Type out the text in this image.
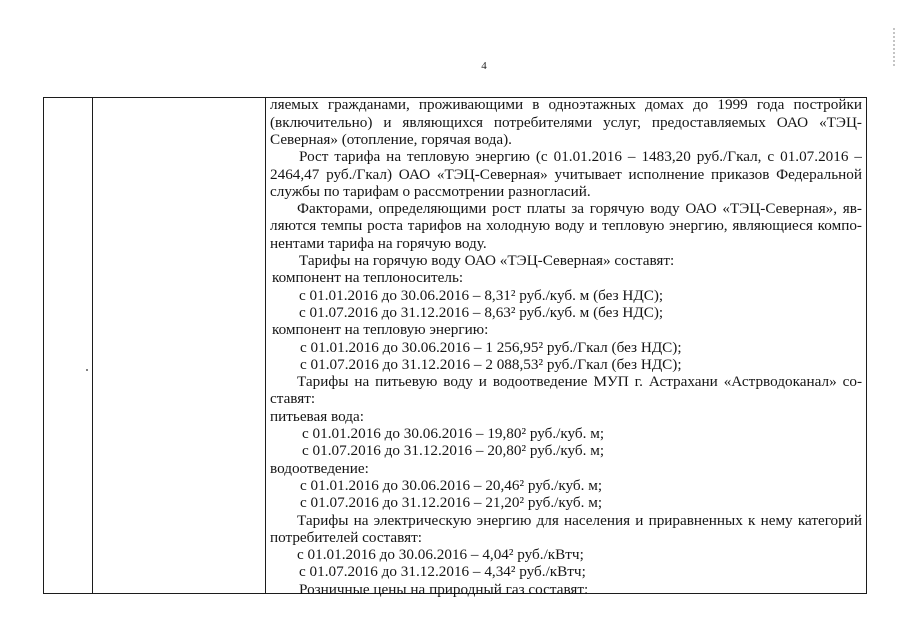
4
ляемых гражданами, проживающими в одноэтажных домах до 1999 года постройки
(включительно) и являющихся потребителями услуг, предоставляемых ОАО «ТЭЦ-
Северная» (отопление, горячая вода).
Рост тарифа на тепловую энергию (с 01.01.2016 – 1483,20 руб./Гкал, с 01.07.2016 –
2464,47 руб./Гкал) ОАО «ТЭЦ-Северная» учитывает исполнение приказов Федеральной
службы по тарифам о рассмотрении разногласий.
Факторами, определяющими рост платы за горячую воду ОАО «ТЭЦ-Северная», яв-
ляются темпы роста тарифов на холодную воду и тепловую энергию, являющиеся компо-
нентами тарифа на горячую воду.
Тарифы на горячую воду ОАО «ТЭЦ-Северная» составят:
компонент на теплоноситель:
с 01.01.2016 до 30.06.2016 – 8,31² руб./куб. м (без НДС);
с 01.07.2016 до 31.12.2016 – 8,63² руб./куб. м (без НДС);
компонент на тепловую энергию:
с 01.01.2016 до 30.06.2016 – 1 256,95² руб./Гкал (без НДС);
с 01.07.2016 до 31.12.2016 – 2 088,53² руб./Гкал (без НДС);
Тарифы на питьевую воду и водоотведение МУП г. Астрахани «Астрводоканал» со-
ставят:
питьевая вода:
с 01.01.2016 до 30.06.2016 – 19,80² руб./куб. м;
с 01.07.2016 до 31.12.2016 – 20,80² руб./куб. м;
водоотведение:
с 01.01.2016 до 30.06.2016 – 20,46² руб./куб. м;
с 01.07.2016 до 31.12.2016 – 21,20² руб./куб. м;
Тарифы на электрическую энергию для населения и приравненных к нему категорий
потребителей составят:
с 01.01.2016 до 30.06.2016 – 4,04² руб./кВтч;
с 01.07.2016 до 31.12.2016 – 4,34² руб./кВтч;
Розничные цены на природный газ составят:
